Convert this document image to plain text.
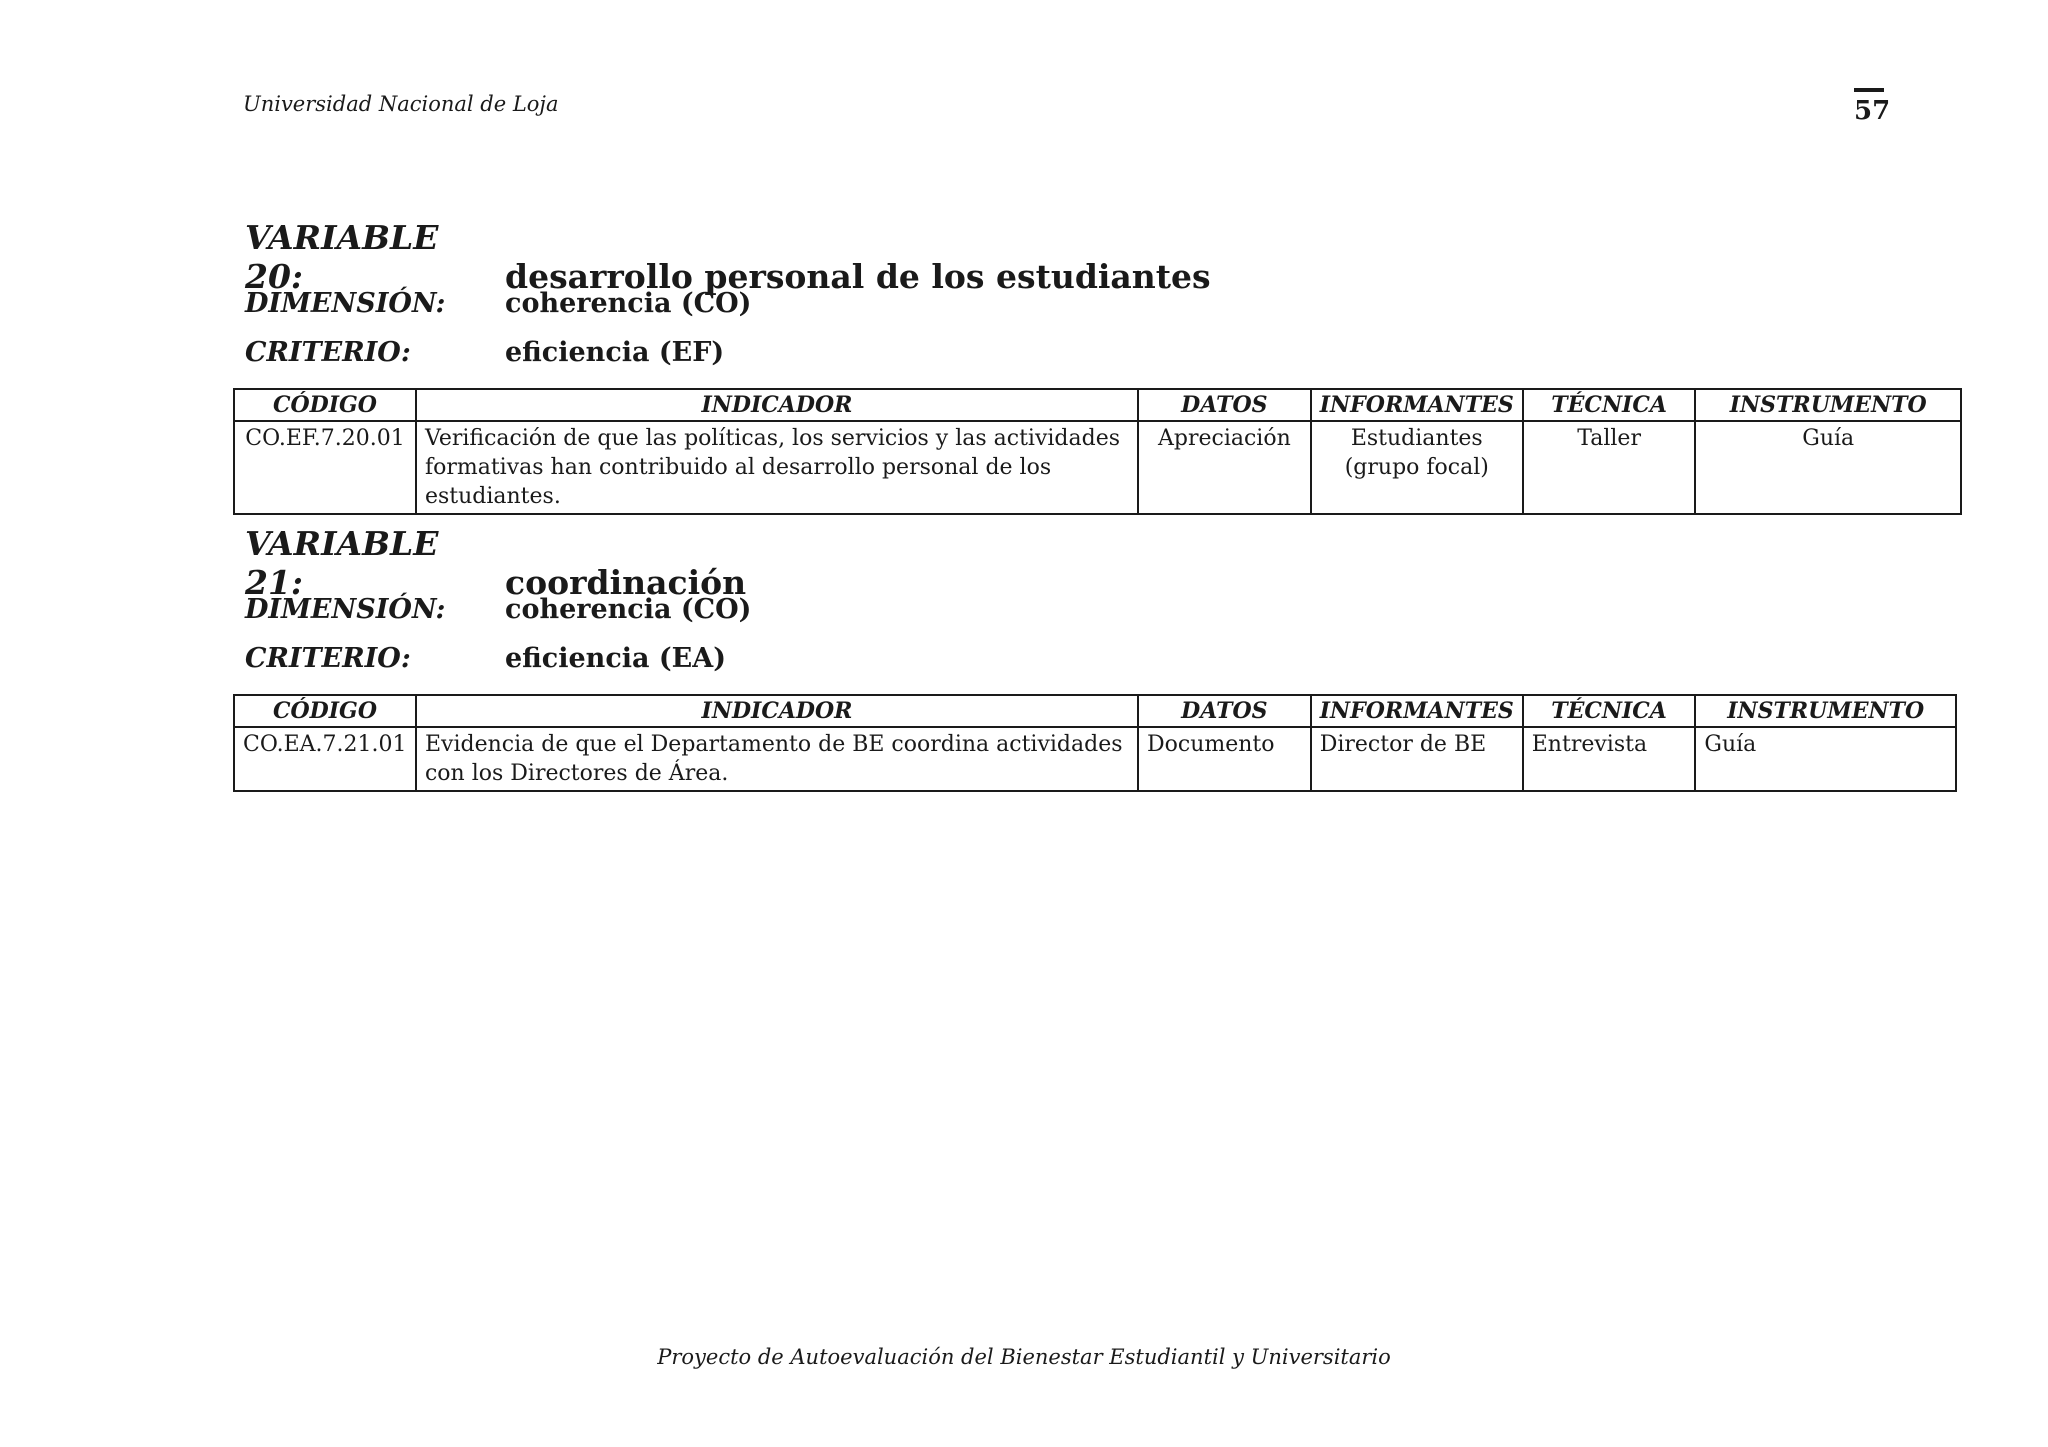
Universidad Nacional de Loja	57
VARIABLE 20:	desarrollo personal de los estudiantes
DIMENSIÓN: coherencia (CO)
CRITERIO:	eficiencia (EF)
CÓDIGO	INDICADOR	DATOS	INFORMANTES	TÉCNICA	INSTRUMENTO
CO.EF.7.20.01	Verificación de que las políticas, los servicios y las actividades formativas han contribuido al desarrollo personal de los estudiantes.	Apreciación	Estudiantes (grupo focal)	Taller	Guía
VARIABLE 21:	coordinación
DIMENSIÓN: coherencia (CO)
CRITERIO:	eficiencia (EA)
CÓDIGO	INDICADOR	DATOS	INFORMANTES	TÉCNICA	INSTRUMENTO
CO.EA.7.21.01	Evidencia de que el Departamento de BE coordina actividades con los Directores de Área.	Documento	Director de BE	Entrevista	Guía
Proyecto de Autoevaluación del Bienestar Estudiantil y Universitario
